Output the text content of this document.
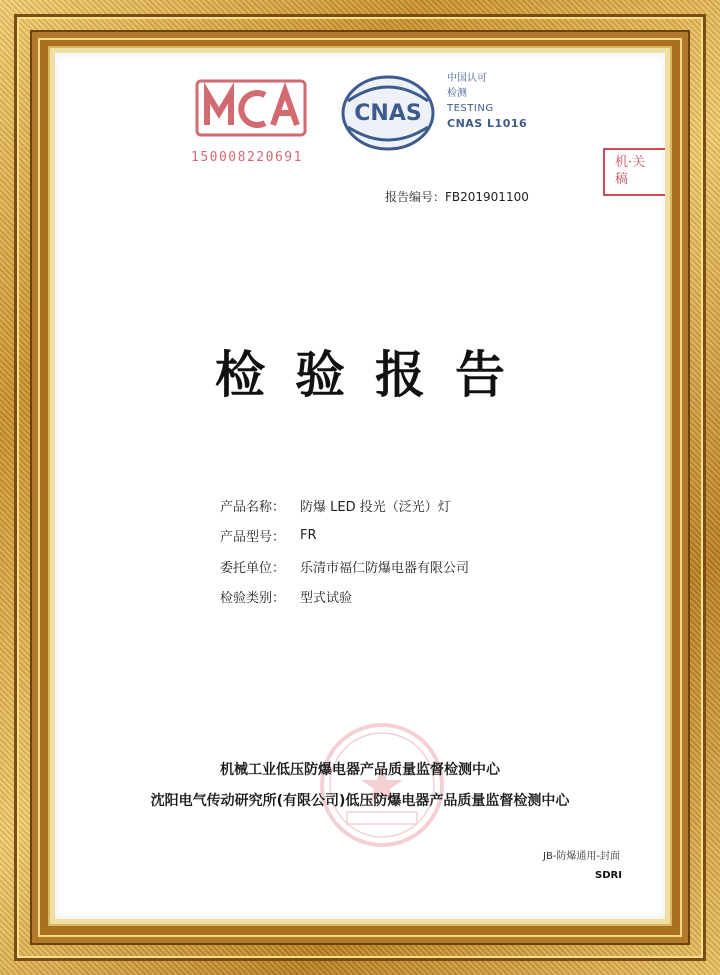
150008220691
CNAS
中国认可
检测
TESTING
CNAS L1016
机·关
稿
报告编号：FB201901100
检验报告
产品名称：	防爆 LED 投光（泛光）灯
产品型号：	FR
委托单位：	乐清市福仁防爆电器有限公司
检验类别：	型式试验
机械工业低压防爆电器产品质量监督检测中心
沈阳电气传动研究所(有限公司)低压防爆电器产品质量监督检测中心
JB-防爆通用-封面
SDRI
